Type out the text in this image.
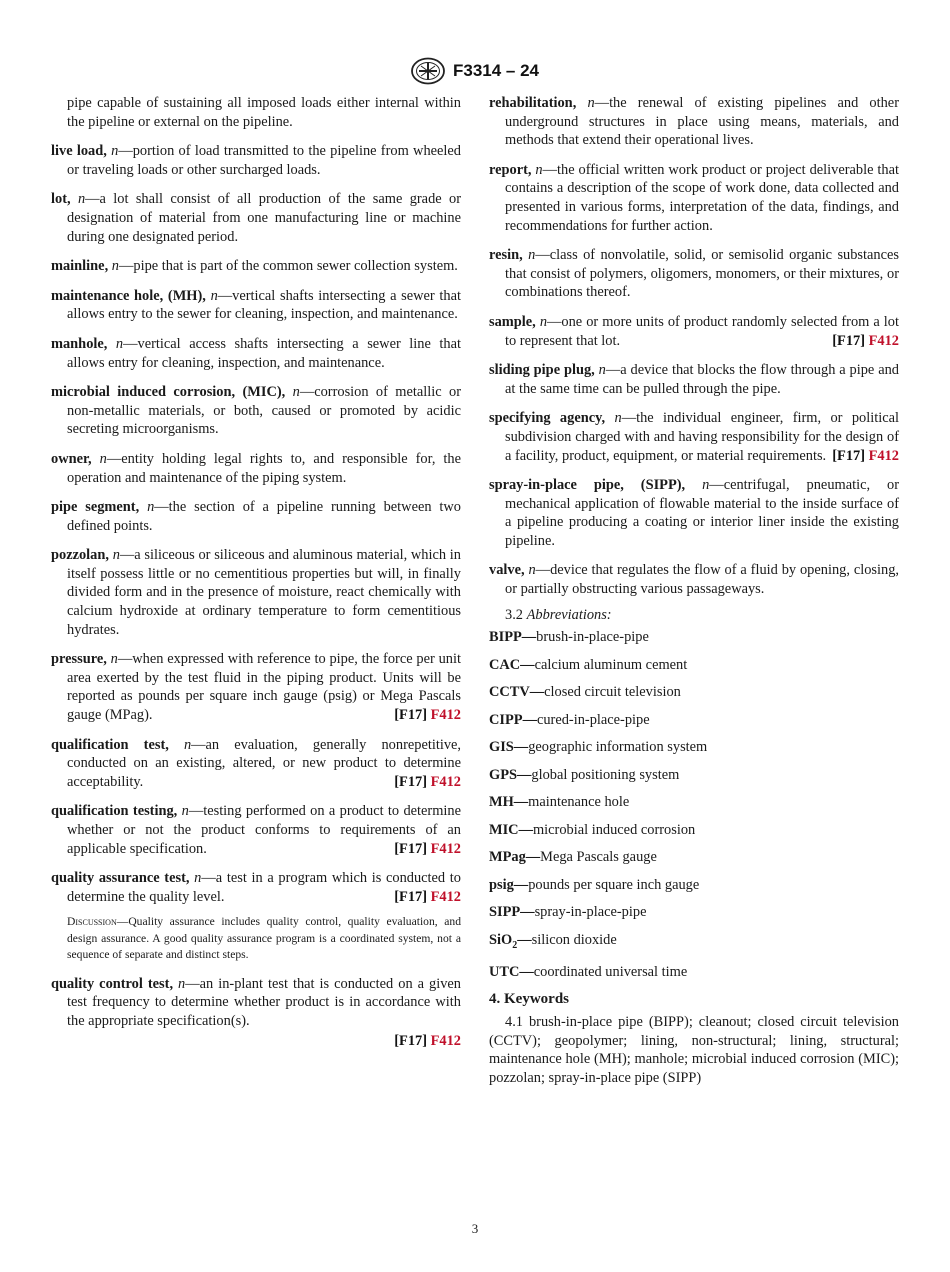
F3314 – 24

pipe capable of sustaining all imposed loads either internal within the pipeline or external on the pipeline.

live load, n—portion of load transmitted to the pipeline from wheeled or traveling loads or other surcharged loads.

lot, n—a lot shall consist of all production of the same grade or designation of material from one manufacturing line or machine during one designated period.

mainline, n—pipe that is part of the common sewer collection system.

maintenance hole, (MH), n—vertical shafts intersecting a sewer that allows entry to the sewer for cleaning, inspection, and maintenance.

manhole, n—vertical access shafts intersecting a sewer line that allows entry for cleaning, inspection, and maintenance.

microbial induced corrosion, (MIC), n—corrosion of metallic or non-metallic materials, or both, caused or promoted by acidic secreting microorganisms.

owner, n—entity holding legal rights to, and responsible for, the operation and maintenance of the piping system.

pipe segment, n—the section of a pipeline running between two defined points.

pozzolan, n—a siliceous or siliceous and aluminous material, which in itself possess little or no cementitious properties but will, in finally divided form and in the presence of moisture, react chemically with calcium hydroxide at ordinary temperature to form cementitious hydrates.

pressure, n—when expressed with reference to pipe, the force per unit area exerted by the test fluid in the piping product. Units will be reported as pounds per square inch gauge (psig) or Mega Pascals gauge (MPag).	[F17] F412

qualification test, n—an evaluation, generally nonrepetitive, conducted on an existing, altered, or new product to determine acceptability.	[F17] F412

qualification testing, n—testing performed on a product to determine whether or not the product conforms to requirements of an applicable specification.	[F17] F412

quality assurance test, n—a test in a program which is conducted to determine the quality level.	[F17] F412

Discussion—Quality assurance includes quality control, quality evaluation, and design assurance. A good quality assurance program is a coordinated system, not a sequence of separate and distinct steps.

quality control test, n—an in-plant test that is conducted on a given test frequency to determine whether product is in accordance with the appropriate specification(s).

[F17] F412

rehabilitation, n—the renewal of existing pipelines and other underground structures in place using means, materials, and methods that extend their operational lives.

report, n—the official written work product or project deliverable that contains a description of the scope of work done, data collected and presented in various forms, interpretation of the data, findings, and recommendations for further action.

resin, n—class of nonvolatile, solid, or semisolid organic substances that consist of polymers, oligomers, monomers, or their mixtures, or combinations thereof.

sample, n—one or more units of product randomly selected from a lot to represent that lot.	[F17] F412

sliding pipe plug, n—a device that blocks the flow through a pipe and at the same time can be pulled through the pipe.

specifying agency, n—the individual engineer, firm, or political subdivision charged with and having responsibility for the design of a facility, product, equipment, or material requirements. [F17] F412

spray-in-place pipe, (SIPP), n—centrifugal, pneumatic, or mechanical application of flowable material to the inside surface of a pipeline producing a coating or interior liner inside the existing pipeline.

valve, n—device that regulates the flow of a fluid by opening, closing, or partially obstructing various passageways.

3.2 Abbreviations:

BIPP—brush-in-place-pipe

CAC—calcium aluminum cement

CCTV—closed circuit television

CIPP—cured-in-place-pipe

GIS—geographic information system

GPS—global positioning system

MH—maintenance hole

MIC—microbial induced corrosion

MPag—Mega Pascals gauge

psig—pounds per square inch gauge

SIPP—spray-in-place-pipe

SiO$_2$—silicon dioxide

UTC—coordinated universal time

4. Keywords

4.1 brush-in-place pipe (BIPP); cleanout; closed circuit television (CCTV); geopolymer; lining, non-structural; lining, structural; maintenance hole (MH); manhole; microbial induced corrosion (MIC); pozzolan; spray-in-place pipe (SIPP)

3
